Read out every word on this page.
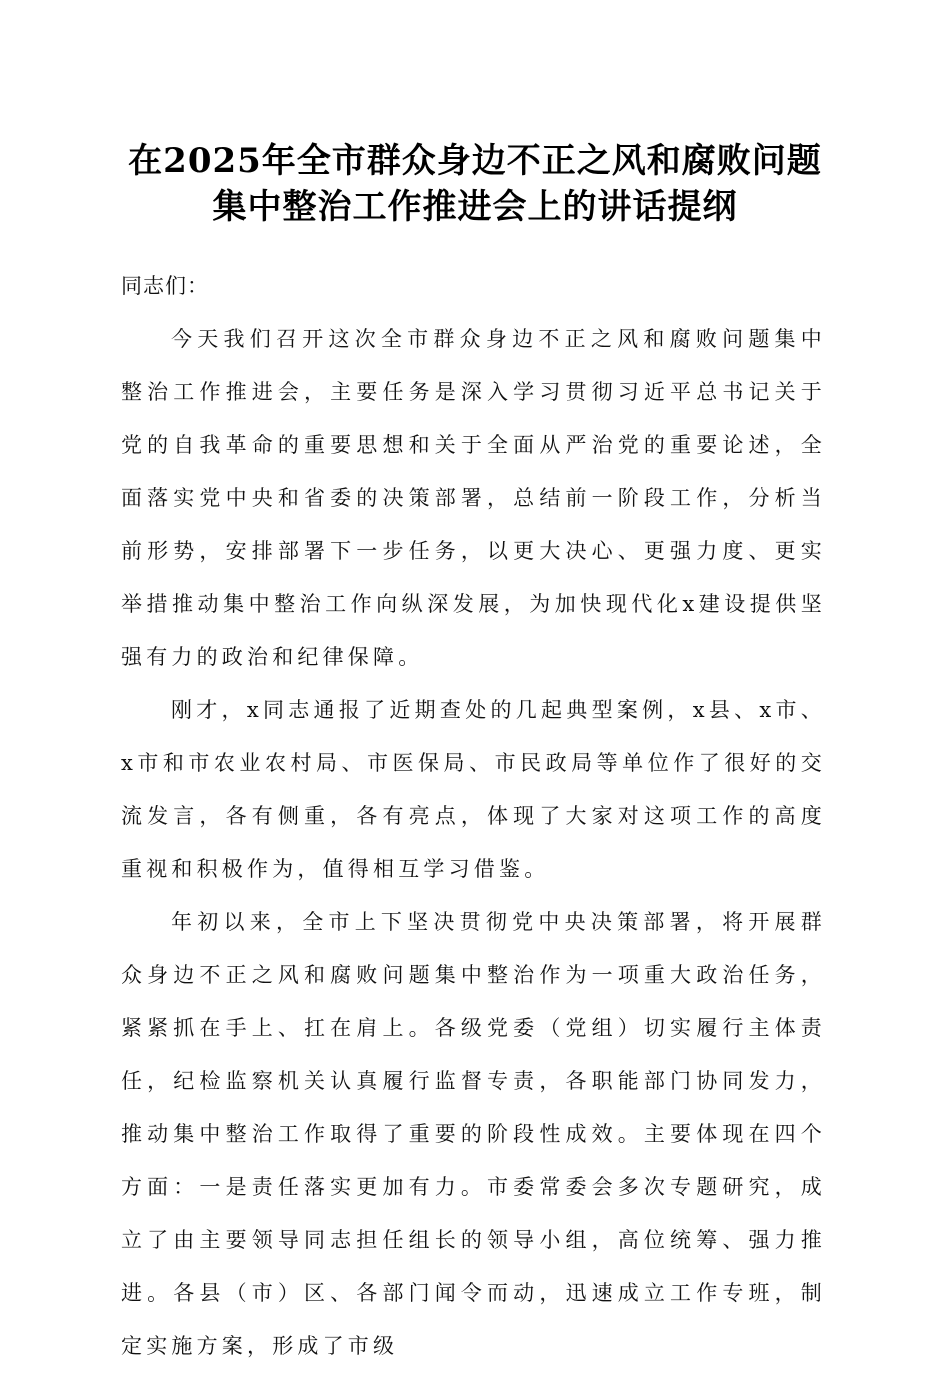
在2025年全市群众身边不正之风和腐败问题
集中整治工作推进会上的讲话提纲

同志们：

今天我们召开这次全市群众身边不正之风和腐败问题集中整治工作推进会，主要任务是深入学习贯彻习近平总书记关于党的自我革命的重要思想和关于全面从严治党的重要论述，全面落实党中央和省委的决策部署，总结前一阶段工作，分析当前形势，安排部署下一步任务，以更大决心、更强力度、更实举措推动集中整治工作向纵深发展，为加快现代化x建设提供坚强有力的政治和纪律保障。

刚才，x同志通报了近期查处的几起典型案例，x县、x市、x市和市农业农村局、市医保局、市民政局等单位作了很好的交流发言，各有侧重，各有亮点，体现了大家对这项工作的高度重视和积极作为，值得相互学习借鉴。

年初以来，全市上下坚决贯彻党中央决策部署，将开展群众身边不正之风和腐败问题集中整治作为一项重大政治任务，紧紧抓在手上、扛在肩上。各级党委（党组）切实履行主体责任，纪检监察机关认真履行监督专责，各职能部门协同发力，推动集中整治工作取得了重要的阶段性成效。主要体现在四个方面：一是责任落实更加有力。市委常委会多次专题研究，成立了由主要领导同志担任组长的领导小组，高位统筹、强力推进。各县（市）区、各部门闻令而动，迅速成立工作专班，制定实施方案，形成了市级
